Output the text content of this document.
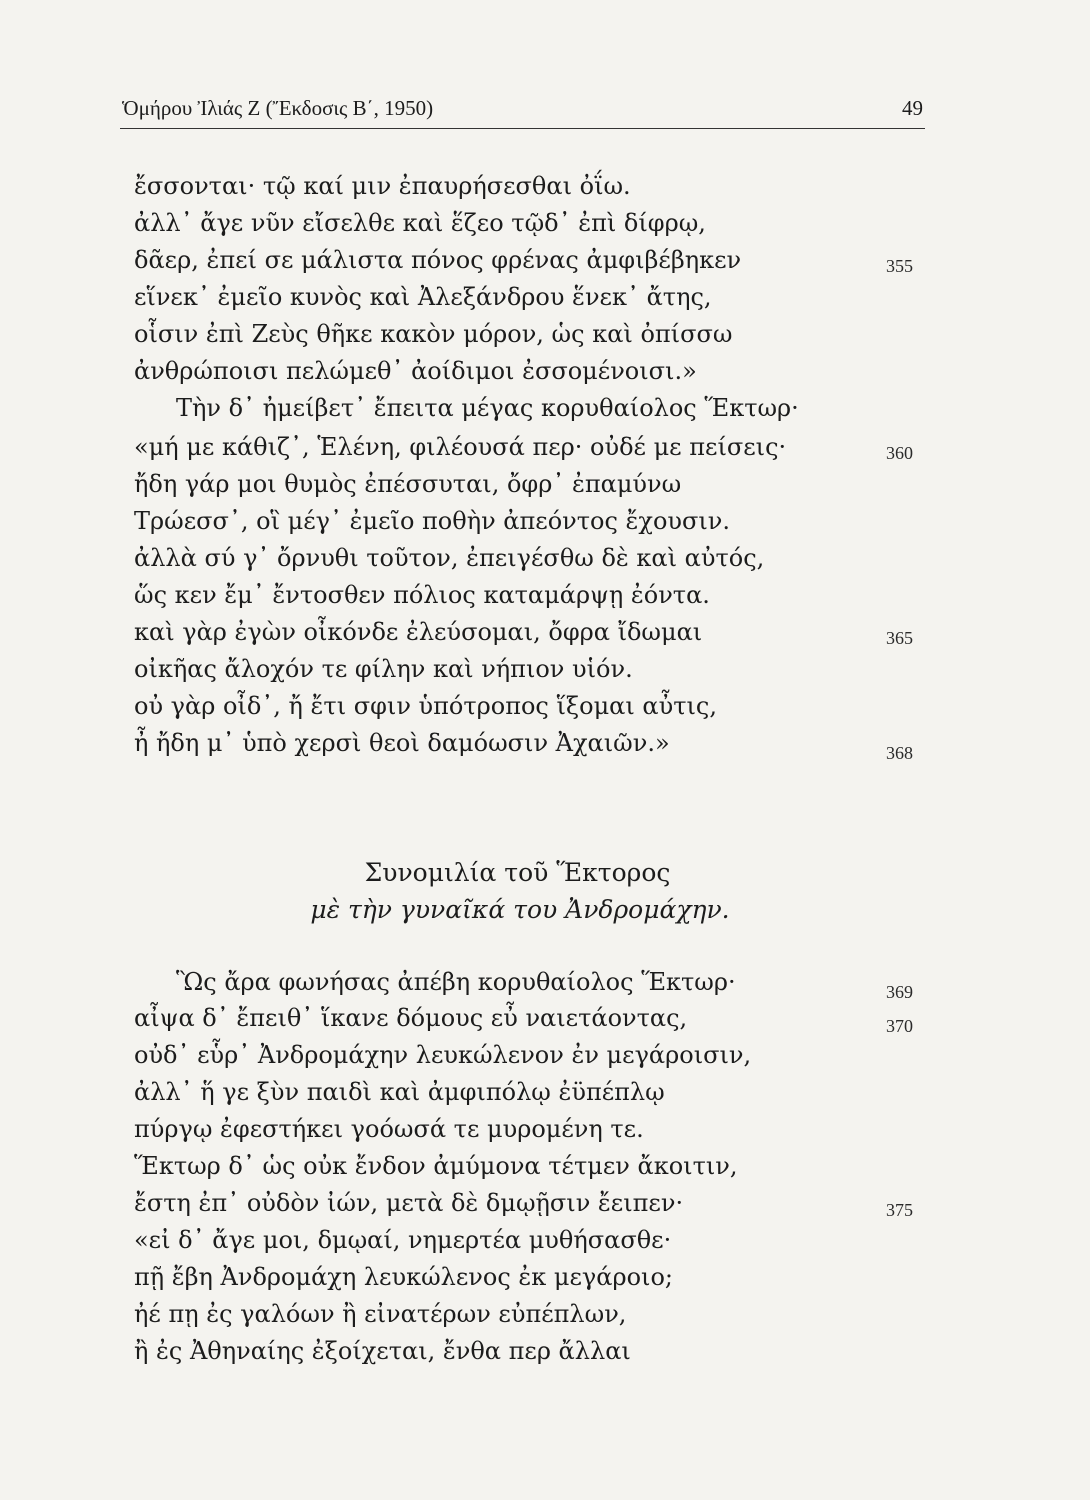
Ὁμήρου Ἰλιάς Ζ (Ἔκδοσις Β΄, 1950)	49
ἔσσονται· τῷ καί μιν ἐπαυρήσεσθαι ὀΐω.
ἀλλ᾽ ἄγε νῦν εἴσελθε καὶ ἕζεο τῷδ᾽ ἐπὶ δίφρῳ,
δᾶερ, ἐπεί σε μάλιστα πόνος φρένας ἀμφιβέβηκεν	355
εἵνεκ᾽ ἐμεῖο κυνὸς καὶ Ἀλεξάνδρου ἕνεκ᾽ ἄτης,
οἷσιν ἐπὶ Ζεὺς θῆκε κακὸν μόρον, ὡς καὶ ὀπίσσω
ἀνθρώποισι πελώμεθ᾽ ἀοίδιμοι ἐσσομένοισι.»
Τὴν δ᾽ ἠμείβετ᾽ ἔπειτα μέγας κορυθαίολος Ἕκτωρ·
«μή με κάθιζ᾽, Ἑλένη, φιλέουσά περ· οὐδέ με πείσεις·	360
ἤδη γάρ μοι θυμὸς ἐπέσσυται, ὄφρ᾽ ἐπαμύνω
Τρώεσσ᾽, οἳ μέγ᾽ ἐμεῖο ποθὴν ἀπεόντος ἔχουσιν.
ἀλλὰ σύ γ᾽ ὄρνυθι τοῦτον, ἐπειγέσθω δὲ καὶ αὐτός,
ὥς κεν ἔμ᾽ ἔντοσθεν πόλιος καταμάρψῃ ἐόντα.
καὶ γὰρ ἐγὼν οἶκόνδε ἐλεύσομαι, ὄφρα ἴδωμαι	365
οἰκῆας ἄλοχόν τε φίλην καὶ νήπιον υἱόν.
οὐ γὰρ οἶδ᾽, ἤ ἔτι σφιν ὑπότροπος ἵξομαι αὖτις,
ἦ ἤδη μ᾽ ὑπὸ χερσὶ θεοὶ δαμόωσιν Ἀχαιῶν.»	368
Συνομιλία τοῦ Ἕκτορος
μὲ τὴν γυναῖκά του Ἀνδρομάχην.
Ὣς ἄρα φωνήσας ἀπέβη κορυθαίολος Ἕκτωρ·	369
αἶψα δ᾽ ἔπειθ᾽ ἵκανε δόμους εὖ ναιετάοντας,	370
οὐδ᾽ εὗρ᾽ Ἀνδρομάχην λευκώλενον ἐν μεγάροισιν,
ἀλλ᾽ ἥ γε ξὺν παιδὶ καὶ ἀμφιπόλῳ ἐϋπέπλῳ
πύργῳ ἐφεστήκει γοόωσά τε μυρομένη τε.
Ἕκτωρ δ᾽ ὡς οὐκ ἔνδον ἀμύμονα τέτμεν ἄκοιτιν,
ἔστη ἐπ᾽ οὐδὸν ἰών, μετὰ δὲ δμῳῇσιν ἔειπεν·	375
«εἰ δ᾽ ἄγε μοι, δμῳαί, νημερτέα μυθήσασθε·
πῇ ἔβη Ἀνδρομάχη λευκώλενος ἐκ μεγάροιο;
ἠέ πῃ ἐς γαλόων ἢ εἰνατέρων εὐπέπλων,
ἢ ἐς Ἀθηναίης ἐξοίχεται, ἔνθα περ ἄλλαι
